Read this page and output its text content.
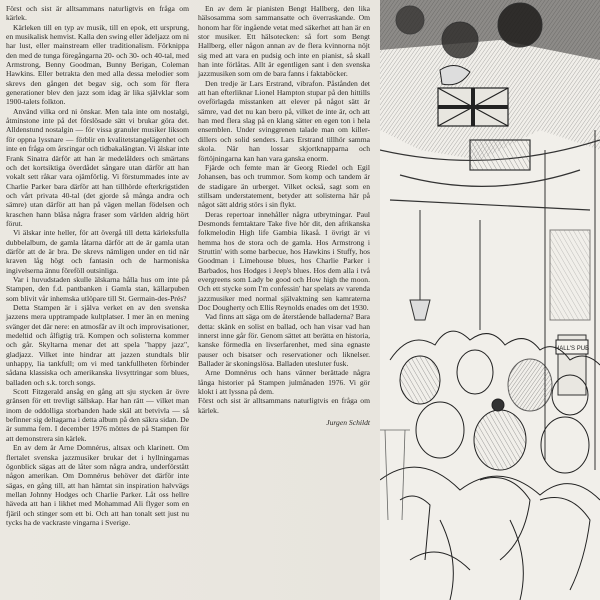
Först och sist är alltsammans naturligtvis en fråga om kärlek.

Kärleken till en typ av musik, till en epok, ett ursprung, en musikalisk hemvist. Kalla den swing eller ädeljazz om ni har lust, eller mainstream eller traditionalism. Förknippa den med de tunga föregångarna 20- och 30- och 40-tal, med Armstrong, Benny Goodman, Bunny Berigan, Coleman Hawkins. Eller betrakta den med alla dessa melodier som skrevs den gången det begav sig, och som för flera generationer blev den jazz som idag är lika självklar som 1900-talets folkton.

Använd vilka ord ni önskar. Men tala inte om nostalgi, åtminstone inte på det förslösade sätt vi brukar göra det. Alldenstund nostalgin — för vissa granuler musiker liksom för oppna lyssnare — förblir en kvalitetstangelägenhet och inte en fråga om årsringar och tidbakalängtan. Vi älskar inte Frank Sinatra därför att han är medelålders och smärtans och det kortsiktiga överdådet sångare utan därför att han vokalt sett råkar vara ojämförlig. Vi förstummades inte av Charlie Parker bara därför att han tillhörde efterkrigstiden och vårt privata 40-tal (det gjorde så många andra och sämre) utan därför att han på vägen mellan födelsen och kraschen hann blåsa några fraser som världen aldrig hört förut.

Vi älskar inte heller, för att övergå till detta kärleksfulla dubbelalbum, de gamla låtarna därför att de är gamla utan därför att de är bra. De skrevs nämligen under en tid när kraven låg högt och fantasin och de harmoniska ingivelserna ännu föreföll outsinliga.

Var i huvudstaden skulle älskarna hålla hus om inte på Stampen, den f.d. pantbanken i Gamla stan, källarpuben som blivit vår inhemska utlöpare till St. Germain-des-Prés?

Detta Stampen är i själva verket en av den svenska jazzens mera upptrampade kultplatser. I mer än en mening svänger det där nere: en atmosfär av ilt och improvisationer, medeltid och ålfigtig trä. Kompen och solisterna kommer och går. Skyltarna menar det att spela "happy jazz", gladjazz. Vilket inte hindrar att jazzen stundtals blir unhappy, lia tankfull; om vi med tankfullheten förbinder sådana klassiska och amerikanska livsyttringar som blues, balladen och s.k. torch songs.

Scott Fitzgerald ansåg en gång att sju stycken är övre gränsen för ett trevligt sällskap. Har han rätt — vilket man inom de oddolliga storbanden hade skäl att betvivla — så befinner sig deltagarna i detta album på den säkra sidan. De är summa fem. I december 1976 möttes de på Stampen för att demonstrera sin kärlek.

En av dem är Arne Domnérus, altsax och klarinett. Om flertalet svenska jazzmusiker brukar det i hyllningarnas ögonblick sägas att de låter som några andra, underförstått någon amerikan. Om Domnérus behöver det därför inte sägas, en gång till, att han hämtat sin inspiration halvvägs mellan Johnny Hodges och Charlie Parker. Låt oss hellre häveda att han i likhet med Mohammad Ali flyger som en fjäril och stinger som ett bi. Och att han tonalt sett just nu tycks ha de vackraste vingarna i Sverige.

En av dem är pianisten Bengt Hallberg, den lika hälsosamma som sammansatte och överraskande. Om honom har för ingående vetat med säkerhet att han är en stor musiker. Ett hälsotecken: så fort som Bengt Hallberg, eller någon annan av de flera kvinnorna nöjt sig med att vara en pudsig och inte en pianist, så skall han inte förlåtas. Allt är egentligen sant i den svenska jazzmusiken som om de bara fanns i faktaböcker.

Den tredje är Lars Erstrand, vibrafon. Påstånden det att han efterliknar Lionel Hampton stupar på den hittills oveförlagda misstanken att elever på något sätt är sämre, vad det nu kan bero på, vilket de inte är, och att han med flera slag på en klang sätter en egen ton i hela ensemblen. Under svinggrenen talade man om killer-dillers och solid senders. Lars Erstrand tillhör samma skola. När han lossar skjortknapparna och förtöjningarna kan han vara ganska enorm.

Fjärde och femte man är Georg Riedel och Egil Johansen, bas och trummor. Som komp och tandem är de stadigare än urberget. Vilket också, sagt som en stillsam understatement, betyder att solisterna här på något sätt aldrig störs i sin flykt.

Deras repertoar innehåller några utbrytningar. Paul Desmonds femtaktare Take five hör dit, den afrikanska folkmelodin High life Gambia likaså. I övrigt är vi hemma hos de stora och de gamla. Hos Armstrong i Struttin' with some barbecue, hos Hawkins i Stuffy, hos Goodman i Limehouse blues, hos Charlie Parker i Barbados, hos Hodges i Jeep's blues. Hos dem alla i två evergreens som Lady be good och How high the moon. Och ett stycke som I'm confessin' har spelats av varenda jazzmusiker med normal självaktning sen kamraterna Doc Dougherty och Ellis Reynolds enades om det 1930.

Vad finns att säga om de återstående balladerna? Bara detta: skänk en solist en ballad, och han visar vad han innerst inne går för. Genom sättet att berätta en historia, kanske förmedla en livserfarenhet, med sina egnaste pauser och bisatser och reservationer och liknelser. Ballader är skoningslösa. Balladen utesluter fusk.

Arne Domnérus och hans vänner berättade några långa historier på Stampen julmånaden 1976. Vi gör klokt i att lyssna på dem.

Först och sist är alltsammans naturligtvis en fråga om kärlek.

Jurgen Schildt

HALL'S PUB
